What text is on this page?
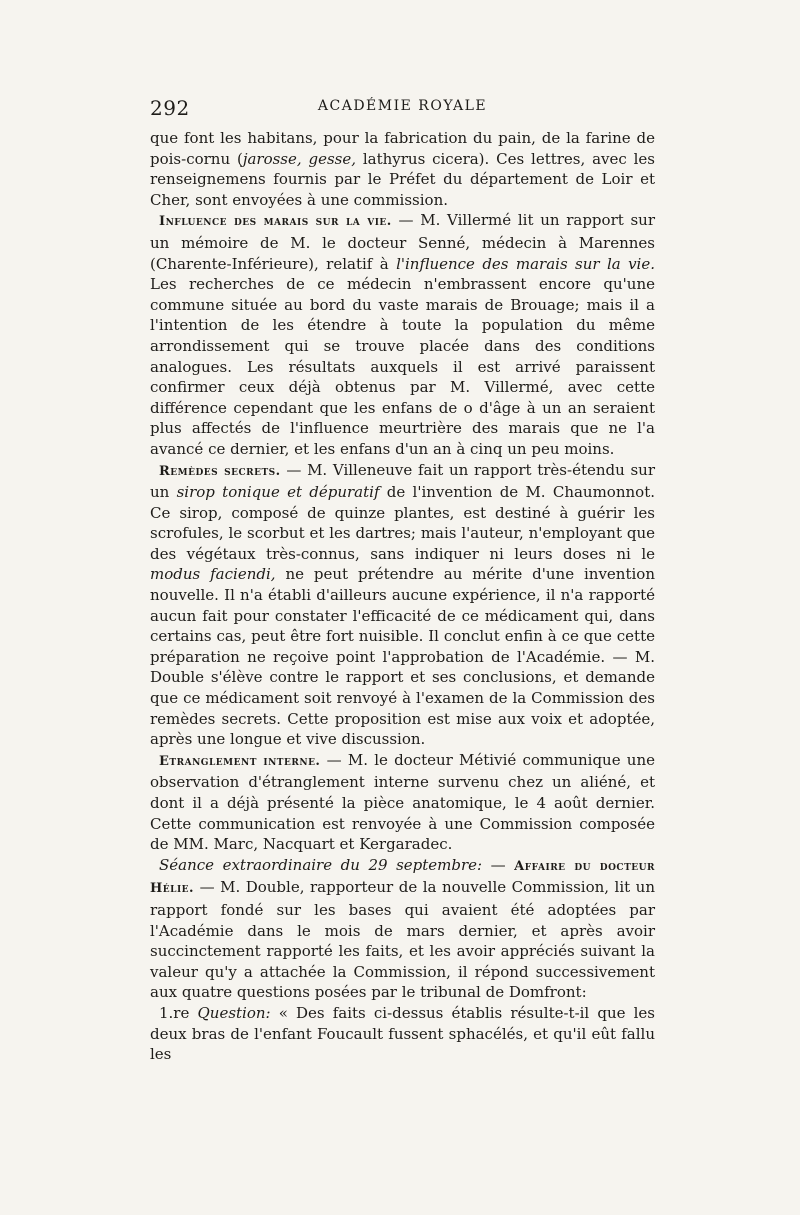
292	ACADÉMIE ROYALE

que font les habitans, pour la fabrication du pain, de la farine de pois-cornu (jarosse, gesse, lathyrus cicera). Ces lettres, avec les renseignemens fournis par le Préfet du département de Loir et Cher, sont envoyées à une commission.

Influence des marais sur la vie. — M. Villermé lit un rapport sur un mémoire de M. le docteur Senné, médecin à Marennes (Charente-Inférieure), relatif à l'influence des marais sur la vie. Les recherches de ce médecin n'embrassent encore qu'une commune située au bord du vaste marais de Brouage; mais il a l'intention de les étendre à toute la population du même arrondissement qui se trouve placée dans des conditions analogues. Les résultats auxquels il est arrivé paraissent confirmer ceux déjà obtenus par M. Villermé, avec cette différence cependant que les enfans de o d'âge à un an seraient plus affectés de l'influence meurtrière des marais que ne l'a avancé ce dernier, et les enfans d'un an à cinq un peu moins.

Remèdes secrets. — M. Villeneuve fait un rapport très-étendu sur un sirop tonique et dépuratif de l'invention de M. Chaumonnot. Ce sirop, composé de quinze plantes, est destiné à guérir les scrofules, le scorbut et les dartres; mais l'auteur, n'employant que des végétaux très-connus, sans indiquer ni leurs doses ni le modus faciendi, ne peut prétendre au mérite d'une invention nouvelle. Il n'a établi d'ailleurs aucune expérience, il n'a rapporté aucun fait pour constater l'efficacité de ce médicament qui, dans certains cas, peut être fort nuisible. Il conclut enfin à ce que cette préparation ne reçoive point l'approbation de l'Académie. — M. Double s'élève contre le rapport et ses conclusions, et demande que ce médicament soit renvoyé à l'examen de la Commission des remèdes secrets. Cette proposition est mise aux voix et adoptée, après une longue et vive discussion.

Etranglement interne. — M. le docteur Métivié communique une observation d'étranglement interne survenu chez un aliéné, et dont il a déjà présenté la pièce anatomique, le 4 août dernier. Cette communication est renvoyée à une Commission composée de MM. Marc, Nacquart et Kergaradec.

Séance extraordinaire du 29 septembre: — Affaire du docteur Hélie. — M. Double, rapporteur de la nouvelle Commission, lit un rapport fondé sur les bases qui avaient été adoptées par l'Académie dans le mois de mars dernier, et après avoir succinctement rapporté les faits, et les avoir appréciés suivant la valeur qu'y a attachée la Commission, il répond successivement aux quatre questions posées par le tribunal de Domfront:

1.re Question: « Des faits ci-dessus établis résulte-t-il que les deux bras de l'enfant Foucault fussent sphacélés, et qu'il eût fallu les
